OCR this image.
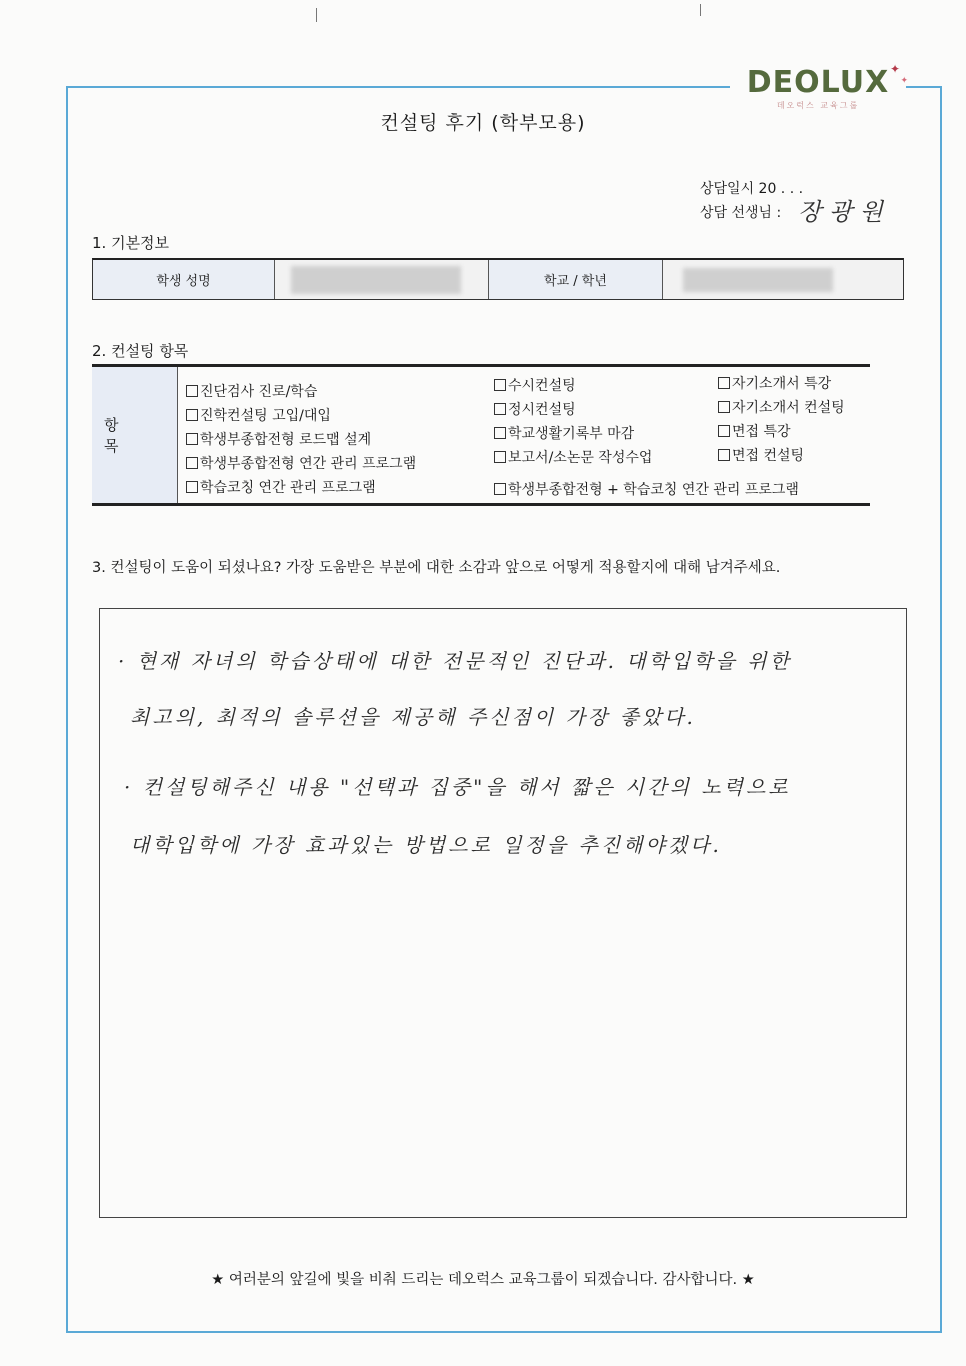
DEOLUX
데오럭스 교육그룹
✦
✦
컨설팅 후기 (학부모용)
상담일시 20 . . .
상담 선생님 : 장 광 원
1. 기본정보
학생 성명	학교 / 학년
2. 컨설팅 항목
항 목
진단검사 진로/학습
진학컨설팅 고입/대입
학생부종합전형 로드맵 설계
학생부종합전형 연간 관리 프로그램
학습코칭 연간 관리 프로그램
수시컨설팅
정시컨설팅
학교생활기록부 마감
보고서/소논문 작성수업
학생부종합전형 + 학습코칭 연간 관리 프로그램
자기소개서 특강
자기소개서 컨설팅
면접 특강
면접 컨설팅
3. 컨설팅이 도움이 되셨나요? 가장 도움받은 부분에 대한 소감과 앞으로 어떻게 적용할지에 대해 남겨주세요.
· 현재 자녀의 학습상태에 대한 전문적인 진단과. 대학입학을 위한
최고의, 최적의 솔루션을 제공해 주신점이 가장 좋았다.
· 컨설팅해주신 내용 "선택과 집중"을 해서 짧은 시간의 노력으로
대학입학에 가장 효과있는 방법으로 일정을 추진해야겠다.
★ 여러분의 앞길에 빛을 비춰 드리는 데오럭스 교육그룹이 되겠습니다. 감사합니다. ★
